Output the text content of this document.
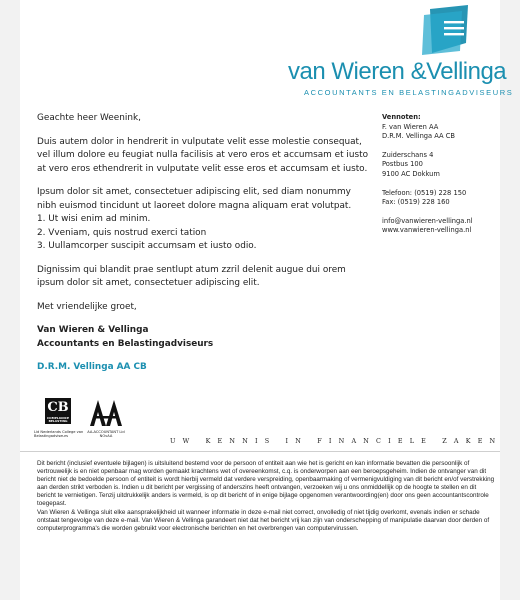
van Wieren &Vellinga
ACCOUNTANTS EN BELASTINGADVISEURS

Geachte heer Weenink,

Duis autem dolor in hendrerit in vulputate velit esse molestie consequat, vel illum dolore eu feugiat nulla facilisis at vero eros et accumsam et iusto at vero eros ethendrerit in vulputate velit esse eros et accumsam et iusto.

Ipsum dolor sit amet, consectetuer adipiscing elit, sed diam nonummy nibh euismod tincidunt ut laoreet dolore magna aliquam erat volutpat.

1. Ut wisi enim ad minim.

2. Vveniam, quis nostrud exerci tation

3. Uullamcorper suscipit accumsam et iusto odio.

Dignissim qui blandit prae sentlupt atum zzril delenit augue dui orem ipsum dolor sit amet, consectetuer adipiscing elit.

Met vriendelijke groet,

Van Wieren & Vellinga
Accountants en Belastingadviseurs

D.R.M. Vellinga AA CB

Vennoten:
F. van Wieren AA
D.R.M. Vellinga AA CB
Zuiderschans 4
Postbus 100
9100 AC Dokkum
Telefoon: (0519) 228 150
Fax: (0519) 228 160
info@vanwieren-vellinga.nl
www.vanwieren-vellinga.nl
CB
COMPLIANCE BELASTING
Lid Nederlands College van Belastingadviseurs
AA-ACCOUNTANT Lid NOvAA
UW KENNIS IN FINANCIELE ZAKEN

Dit bericht (inclusief eventuele bijlagen) is uitsluitend bestemd voor de persoon of entiteit aan wie het is gericht en kan informatie bevatten die persoonlijk of vertrouwelijk is en niet openbaar mag worden gemaakt krachtens wet of overeenkomst, c.q. is onderworpen aan een beroepsgeheim. Indien de ontvanger van dit bericht niet de bedoelde persoon of entiteit is wordt hierbij vermeld dat verdere verspreiding, openbaarmaking of vermenigvuldiging van dit bericht en/of verstrekking aan derden strikt verboden is. Indien u dit bericht per vergissing of anderszins heeft ontvangen, verzoeken wij u ons onmiddellijk op de hoogte te stellen en dit bericht te vernietigen. Tenzij uitdrukkelijk anders is vermeld, is op dit bericht of in enige bijlage opgenomen verantwoording(en) door ons geen accountantscontrole toegepast.

Van Wieren & Vellinga sluit elke aansprakelijkheid uit wanneer informatie in deze e-mail niet correct, onvolledig of niet tijdig overkomt, evenals indien er schade ontstaat tengevolge van deze e-mail. Van Wieren & Vellinga garandeert niet dat het bericht vrij kan zijn van onderschepping of manipulatie daarvan door derden of computerprogramma's die worden gebruikt voor electronische berichten en het overbrengen van computervirussen.
